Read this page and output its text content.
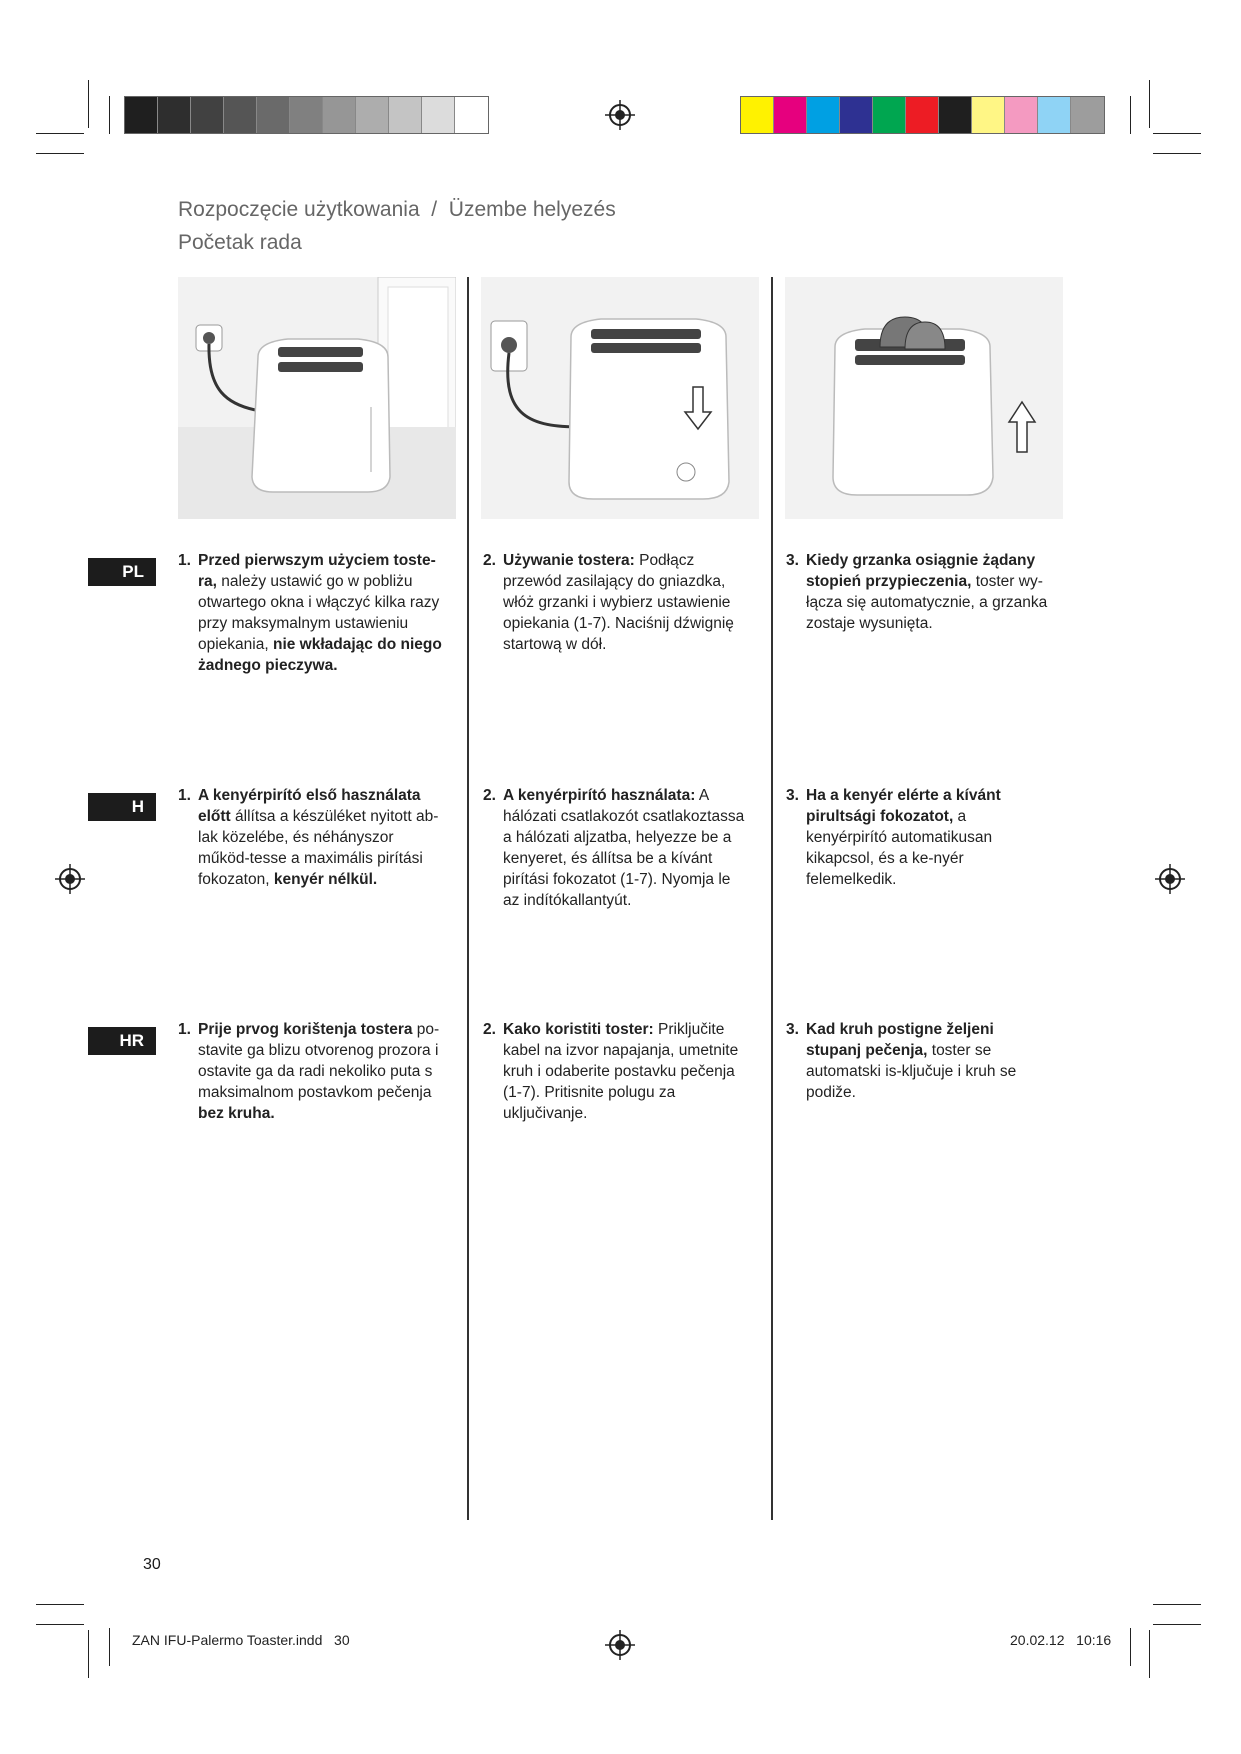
Rozpoczęcie użytkowania  /  Üzembe helyezés
Početak rada
PL
H
HR
1. Przed pierwszym użyciem toste-ra, należy ustawić go w pobliżu otwartego okna i włączyć kilka razy przy maksymalnym ustawieniu opiekania, nie wkładając do niego żadnego pieczywa.
2. Używanie tostera: Podłącz przewód zasilający do gniazdka, włóż grzanki i wybierz ustawienie opiekania (1-7). Naciśnij dźwignię startową w dół.
3. Kiedy grzanka osiągnie żądany stopień przypieczenia, toster wy-łącza się automatycznie, a grzanka zostaje wysunięta.
1. A kenyérpirító első használata előtt állítsa a készüléket nyitott ab-lak közelébe, és néhányszor működ-tesse a maximális pirítási fokozaton, kenyér nélkül.
2. A kenyérpirító használata: A hálózati csatlakozót csatlakoztassa a hálózati aljzatba, helyezze be a kenyeret, és állítsa be a kívánt pirítási fokozatot (1-7). Nyomja le az indítókallantyút.
3. Ha a kenyér elérte a kívánt pirultsági fokozatot, a kenyérpirító automatikusan kikapcsol, és a ke-nyér felemelkedik.
1. Prije prvog korištenja tostera po-stavite ga blizu otvorenog prozora i ostavite ga da radi nekoliko puta s maksimalnom postavkom pečenja bez kruha.
2. Kako koristiti toster: Priključite kabel na izvor napajanja, umetnite kruh i odaberite postavku pečenja (1-7). Pritisnite polugu za uključivanje.
3. Kad kruh postigne željeni stupanj pečenja, toster se automatski is-ključuje i kruh se podiže.
30
ZAN IFU-Palermo Toaster.indd   30	20.02.12   10:16
